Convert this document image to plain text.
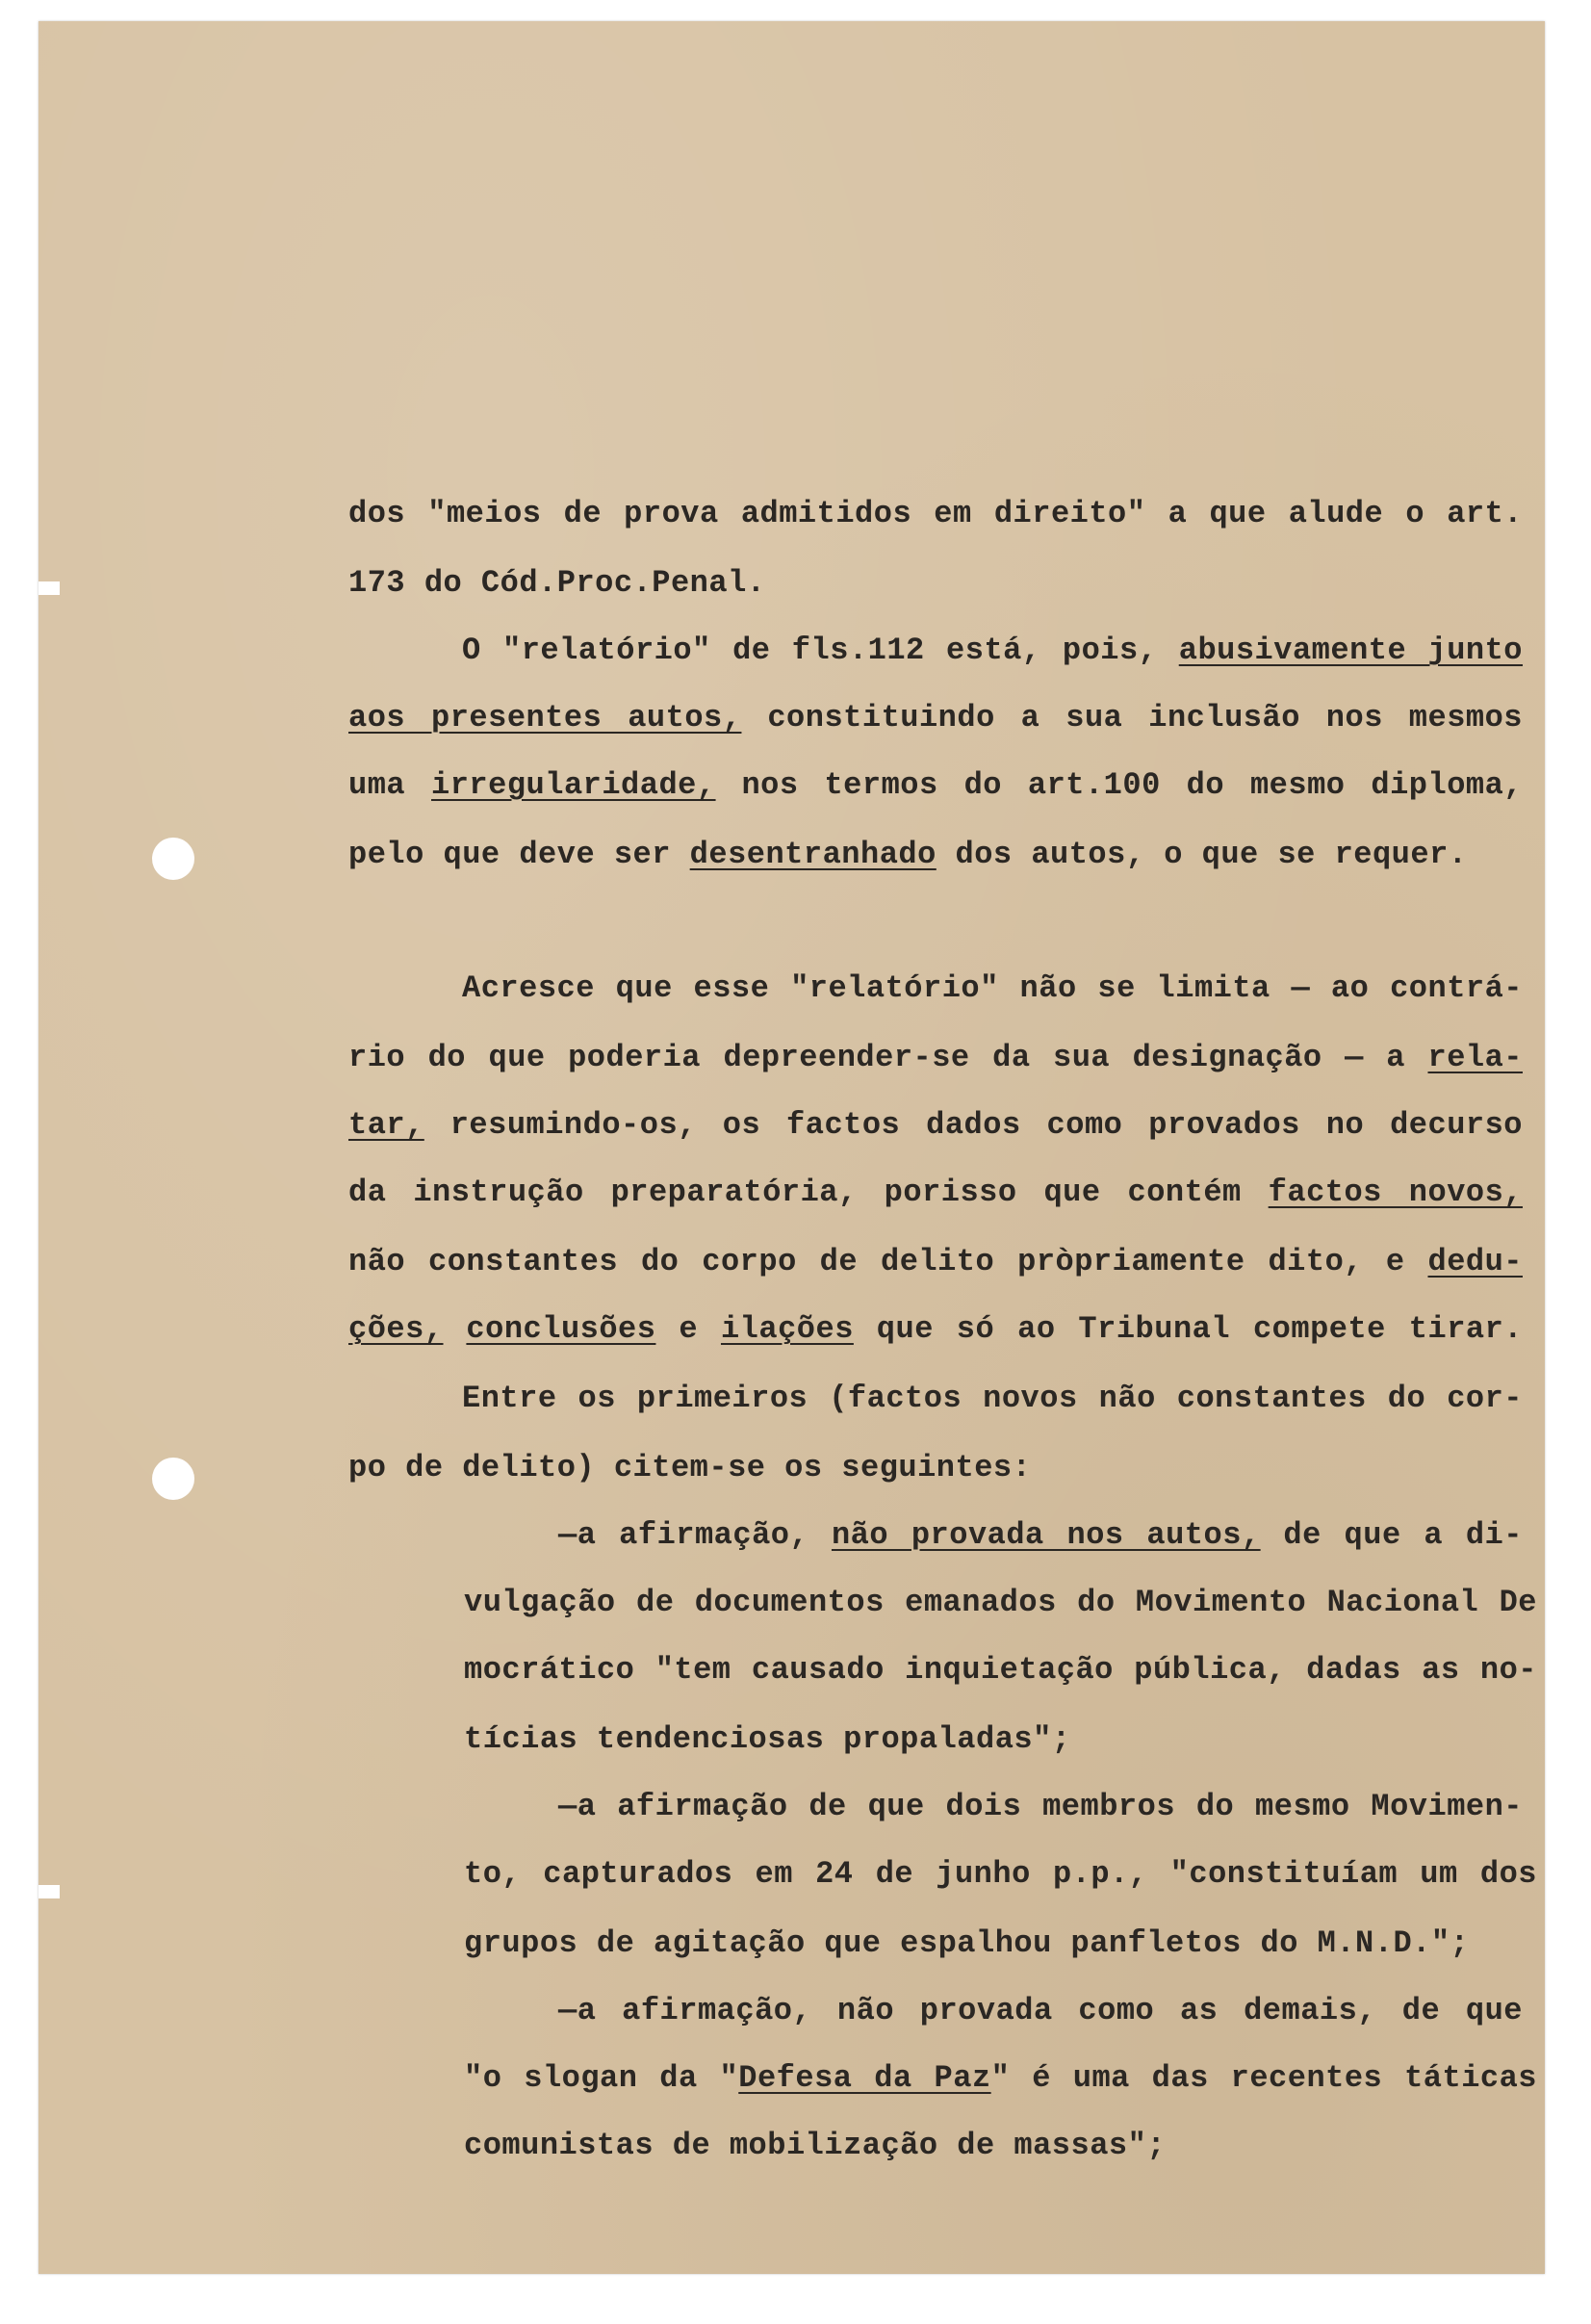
dos "meios de prova admitidos em direito" a que alude o art.
173 do Cód.Proc.Penal.
O "relatório" de fls.112 está, pois, abusivamente junto
aos presentes autos, constituindo a sua inclusão nos mesmos
uma irregularidade, nos termos do art.100 do mesmo diploma,
pelo que deve ser desentranhado dos autos, o que se requer.
Acresce que esse "relatório" não se limita — ao contrá-
rio do que poderia depreender-se da sua designação — a rela-
tar, resumindo-os, os factos dados como provados no decurso
da instrução preparatória, porisso que contém factos novos,
não constantes do corpo de delito pròpriamente dito, e dedu-
ções, conclusões e ilações que só ao Tribunal compete tirar.
Entre os primeiros (factos novos não constantes do cor-
po de delito) citem-se os seguintes:
—a afirmação, não provada nos autos, de que a di-
vulgação de documentos emanados do Movimento Nacional De
mocrático "tem causado inquietação pública, dadas as no-
tícias tendenciosas propaladas";
—a afirmação de que dois membros do mesmo Movimen-
to, capturados em 24 de junho p.p., "constituíam um dos
grupos de agitação que espalhou panfletos do M.N.D.";
—a afirmação, não provada como as demais, de que
"o slogan da "Defesa da Paz" é uma das recentes táticas
comunistas de mobilização de massas";
